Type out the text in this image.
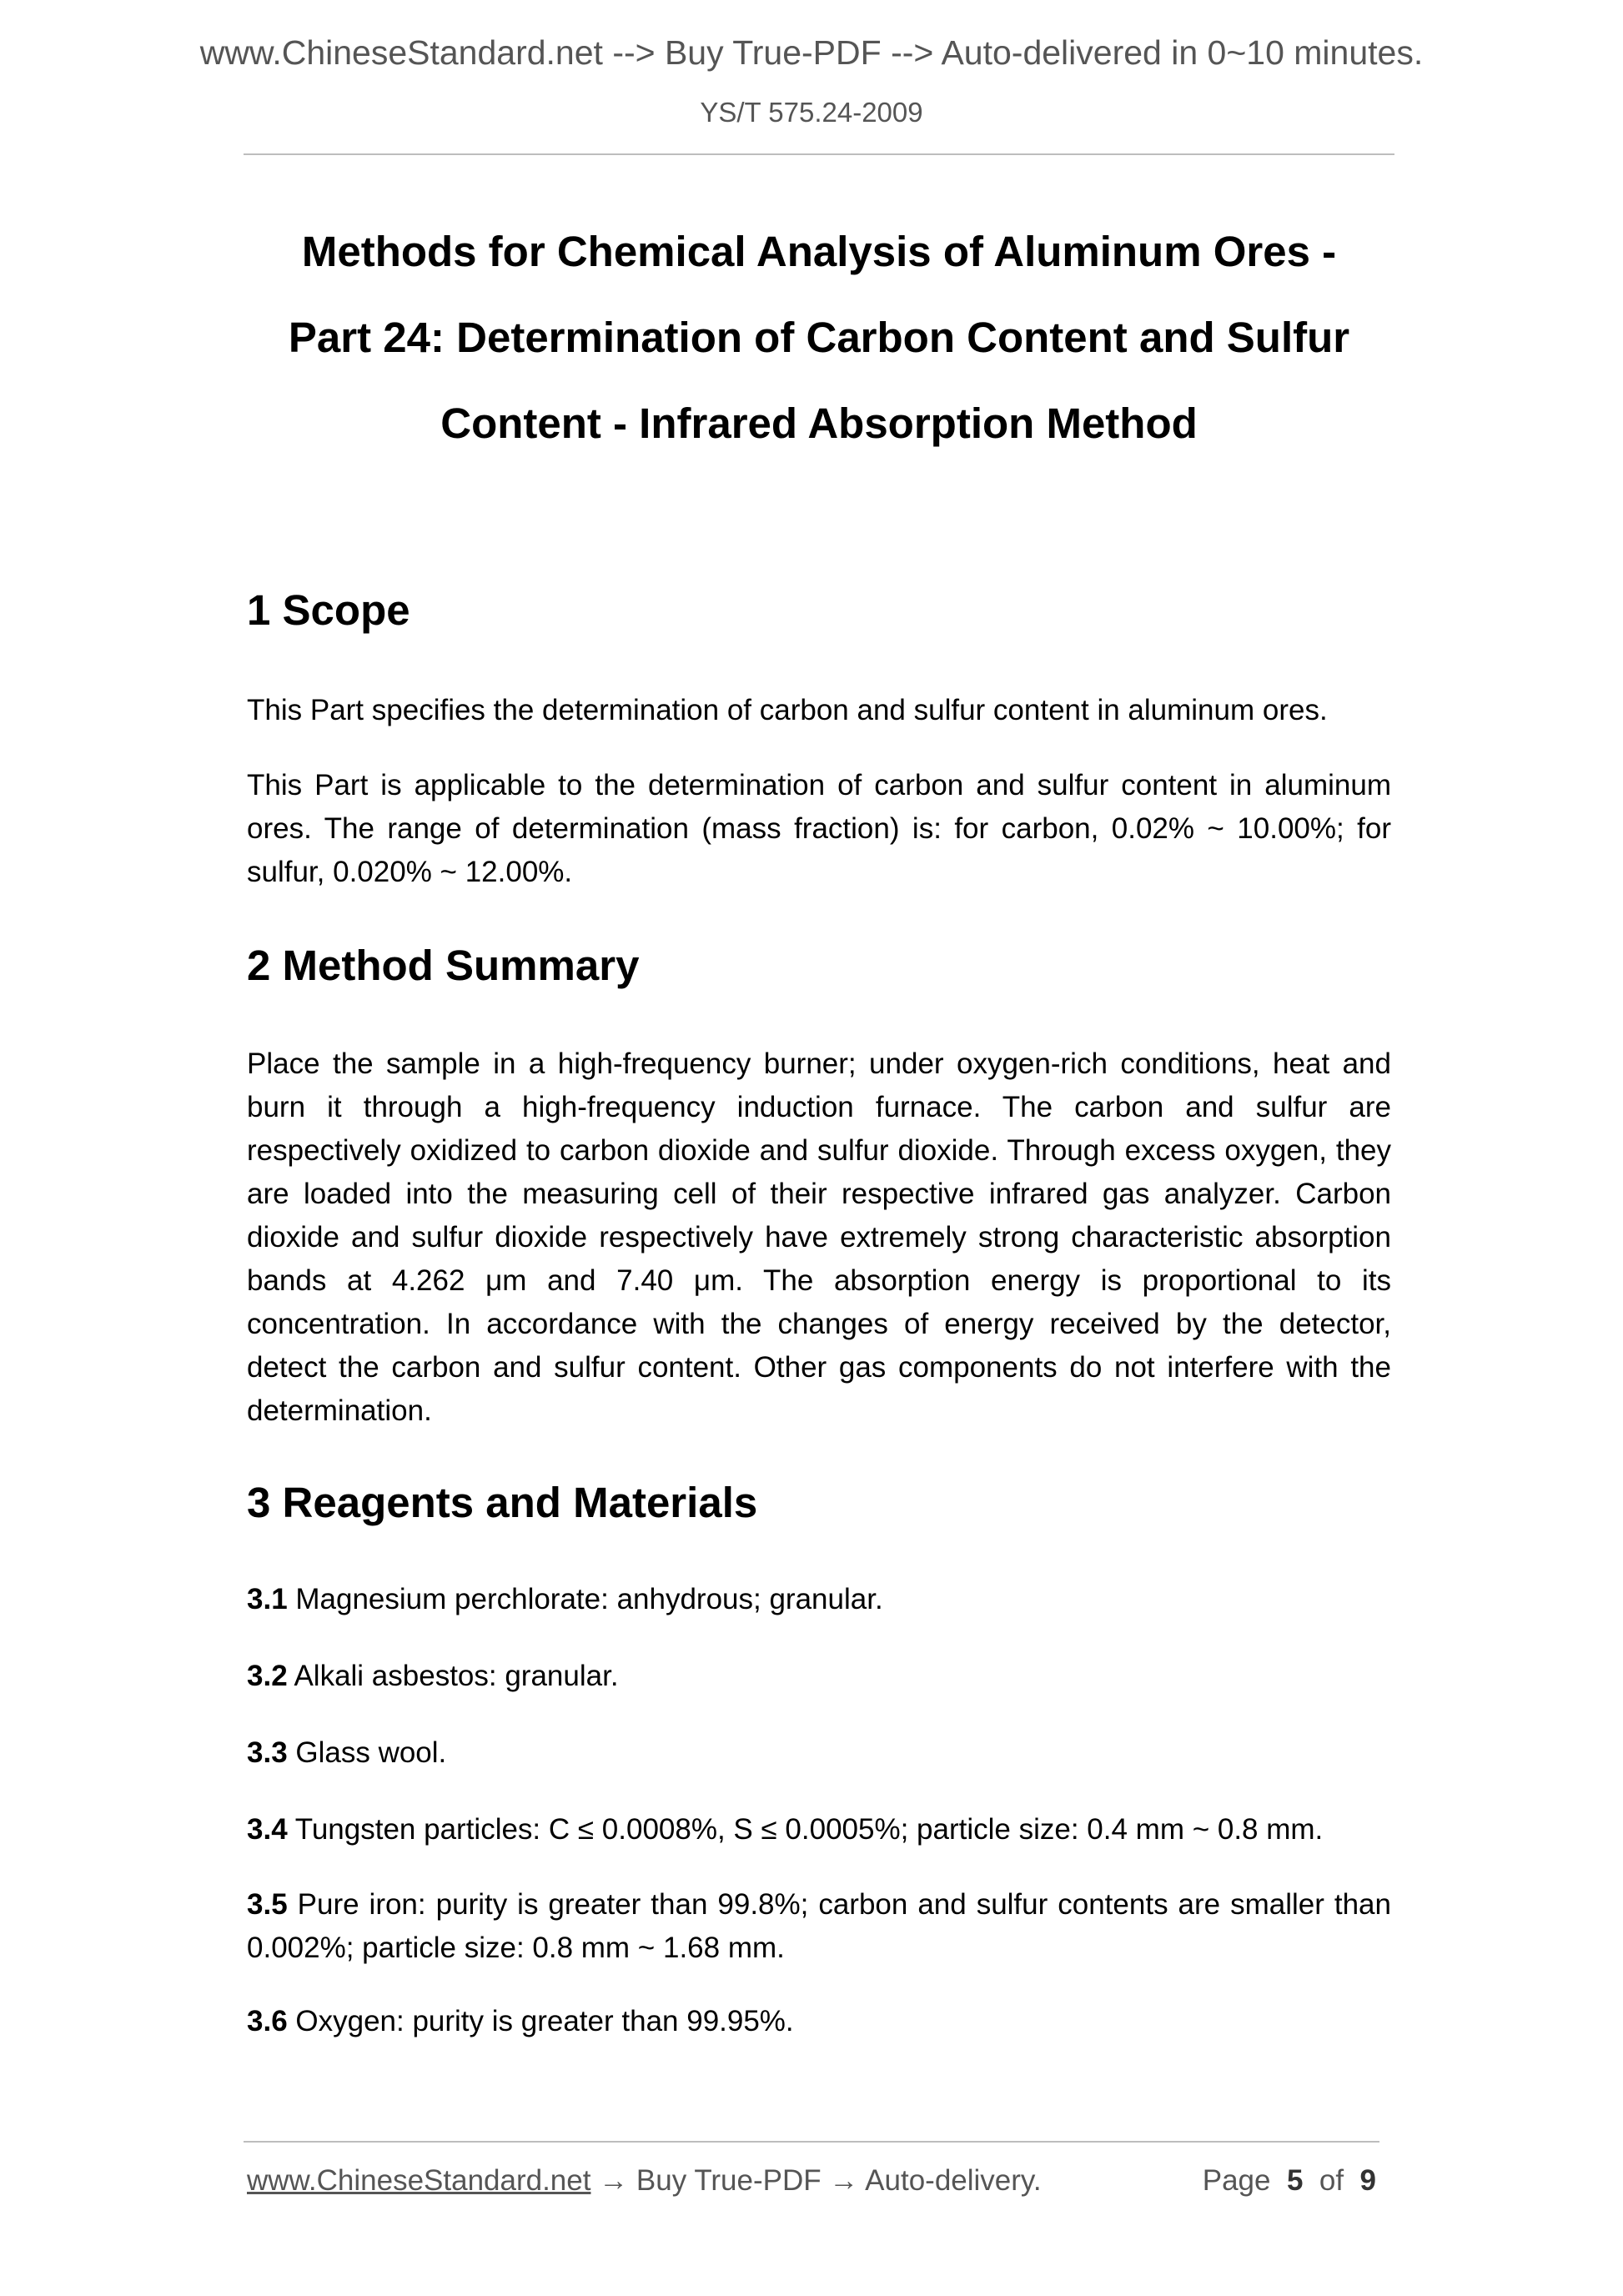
www.ChineseStandard.net --> Buy True-PDF --> Auto-delivered in 0~10 minutes.
YS/T 575.24-2009
Methods for Chemical Analysis of Aluminum Ores -
Part 24: Determination of Carbon Content and Sulfur
Content - Infrared Absorption Method
1 Scope
This Part specifies the determination of carbon and sulfur content in aluminum ores.
This Part is applicable to the determination of carbon and sulfur content in aluminum ores. The range of determination (mass fraction) is: for carbon, 0.02% ~ 10.00%; for sulfur, 0.020% ~ 12.00%.
2 Method Summary
Place the sample in a high-frequency burner; under oxygen-rich conditions, heat and burn it through a high-frequency induction furnace. The carbon and sulfur are respectively oxidized to carbon dioxide and sulfur dioxide. Through excess oxygen, they are loaded into the measuring cell of their respective infrared gas analyzer. Carbon dioxide and sulfur dioxide respectively have extremely strong characteristic absorption bands at 4.262 μm and 7.40 μm. The absorption energy is proportional to its concentration. In accordance with the changes of energy received by the detector, detect the carbon and sulfur content. Other gas components do not interfere with the determination.
3 Reagents and Materials
3.1 Magnesium perchlorate: anhydrous; granular.
3.2 Alkali asbestos: granular.
3.3 Glass wool.
3.4 Tungsten particles: C ≤ 0.0008%, S ≤ 0.0005%; particle size: 0.4 mm ~ 0.8 mm.
3.5 Pure iron: purity is greater than 99.8%; carbon and sulfur contents are smaller than 0.002%; particle size: 0.8 mm ~ 1.68 mm.
3.6 Oxygen: purity is greater than 99.95%.
www.ChineseStandard.net → Buy True-PDF → Auto-delivery.	Page 5 of 9
